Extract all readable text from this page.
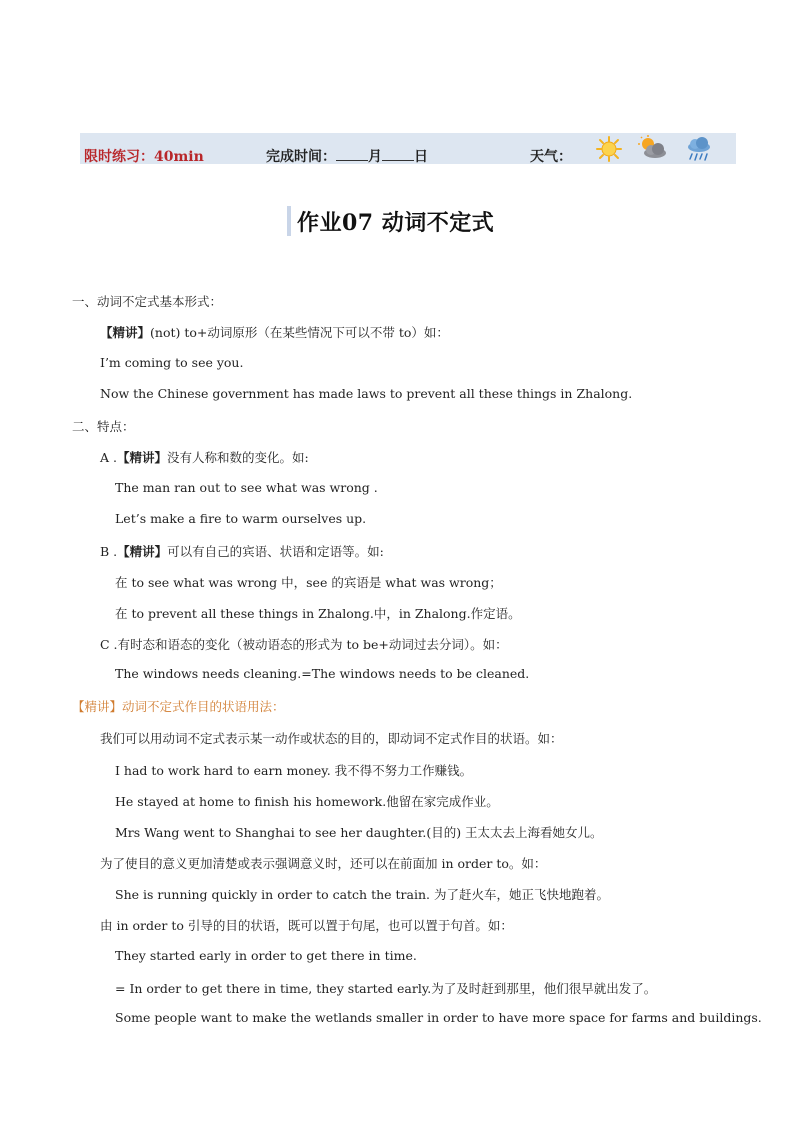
限时练习：40min	完成时间： 月 日	天气：
作业07 动词不定式
一、动词不定式基本形式：
【精讲】(not) to+动词原形（在某些情况下可以不带 to）如：
I’m coming to see you.
Now the Chinese government has made laws to prevent all these things in Zhalong.
二、特点：
A .【精讲】没有人称和数的变化。如:
The man ran out to see what was wrong .
Let’s make a fire to warm ourselves up.
B .【精讲】可以有自己的宾语、状语和定语等。如:
在 to see what was wrong 中，see 的宾语是 what was wrong；
在 to prevent all these things in Zhalong.中，in Zhalong.作定语。
C .有时态和语态的变化（被动语态的形式为 to be+动词过去分词）。如：
The windows needs cleaning.=The windows needs to be cleaned.
【精讲】动词不定式作目的状语用法：
我们可以用动词不定式表示某一动作或状态的目的，即动词不定式作目的状语。如：
I had to work hard to earn money. 我不得不努力工作赚钱。
He stayed at home to finish his homework.他留在家完成作业。
Mrs Wang went to Shanghai to see her daughter.(目的) 王太太去上海看她女儿。
为了使目的意义更加清楚或表示强调意义时，还可以在前面加 in order to。如：
She is running quickly in order to catch the train. 为了赶火车，她正飞快地跑着。
由 in order to 引导的目的状语，既可以置于句尾，也可以置于句首。如：
They started early in order to get there in time.
= In order to get there in time, they started early.为了及时赶到那里，他们很早就出发了。
Some people want to make the wetlands smaller in order to have more space for farms and buildings.
